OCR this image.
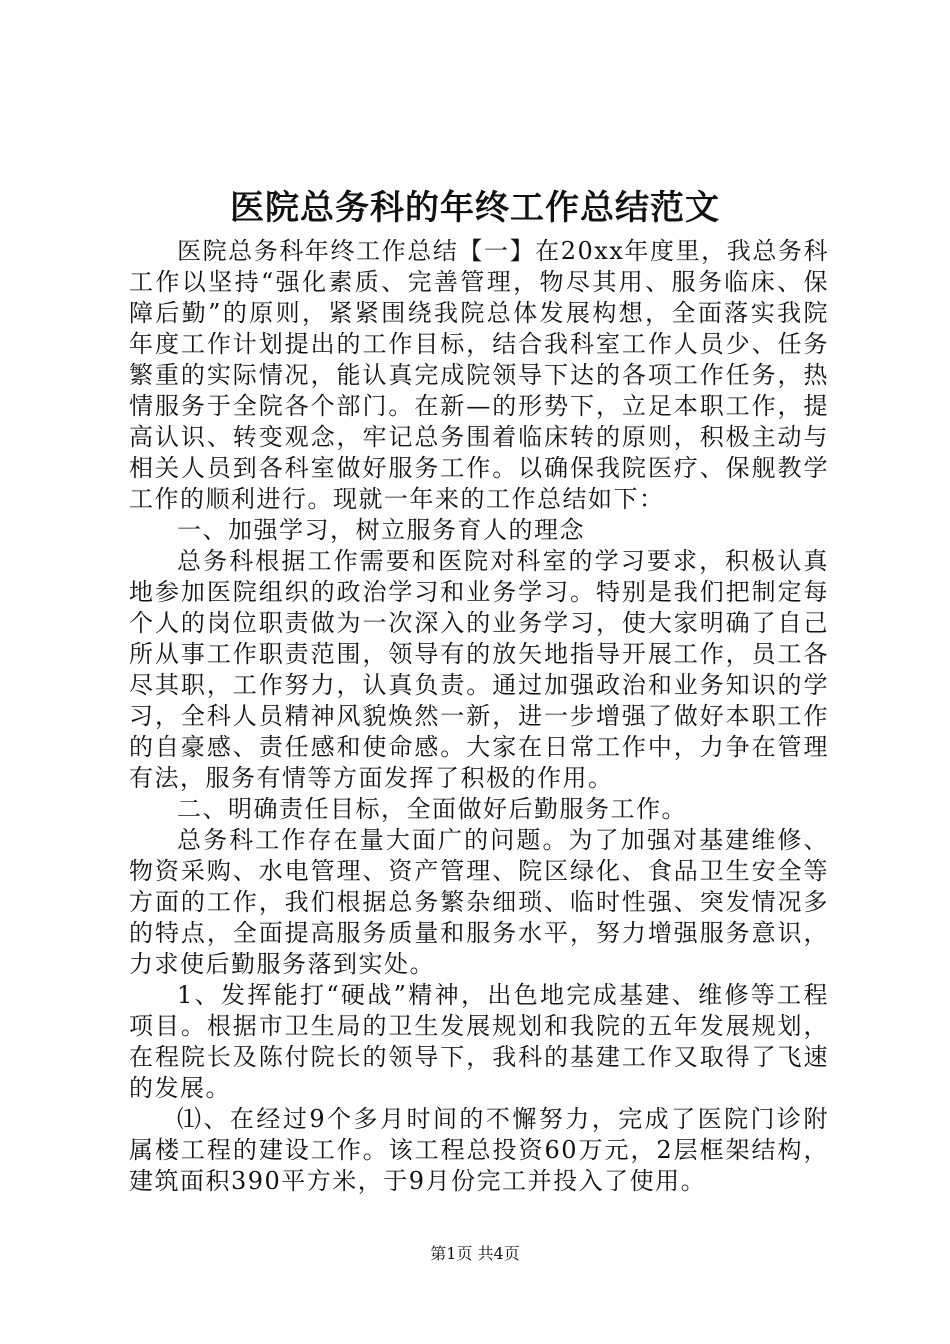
医院总务科的年终工作总结范文

医院总务科年终工作总结【一】在20xx年度里，我总务科工作以坚持“强化素质、完善管理，物尽其用、服务临床、保障后勤”的原则，紧紧围绕我院总体发展构想，全面落实我院年度工作计划提出的工作目标，结合我科室工作人员少、任务繁重的实际情况，能认真完成院领导下达的各项工作任务，热情服务于全院各个部门。在新—的形势下，立足本职工作，提高认识、转变观念，牢记总务围着临床转的原则，积极主动与相关人员到各科室做好服务工作。以确保我院医疗、保舰教学工作的顺利进行。现就一年来的工作总结如下：

一、加强学习，树立服务育人的理念

总务科根据工作需要和医院对科室的学习要求，积极认真地参加医院组织的政治学习和业务学习。特别是我们把制定每个人的岗位职责做为一次深入的业务学习，使大家明确了自己所从事工作职责范围，领导有的放矢地指导开展工作，员工各尽其职，工作努力，认真负责。通过加强政治和业务知识的学习，全科人员精神风貌焕然一新，进一步增强了做好本职工作的自豪感、责任感和使命感。大家在日常工作中，力争在管理有法，服务有情等方面发挥了积极的作用。

二、明确责任目标，全面做好后勤服务工作。

总务科工作存在量大面广的问题。为了加强对基建维修、物资采购、水电管理、资产管理、院区绿化、食品卫生安全等方面的工作，我们根据总务繁杂细琐、临时性强、突发情况多的特点，全面提高服务质量和服务水平，努力增强服务意识，力求使后勤服务落到实处。

1、发挥能打“硬战”精神，出色地完成基建、维修等工程项目。根据市卫生局的卫生发展规划和我院的五年发展规划，在程院长及陈付院长的领导下，我科的基建工作又取得了飞速的发展。

⑴、在经过9个多月时间的不懈努力，完成了医院门诊附属楼工程的建设工作。该工程总投资60万元，2层框架结构，建筑面积390平方米，于9月份完工并投入了使用。

第1页 共4页
